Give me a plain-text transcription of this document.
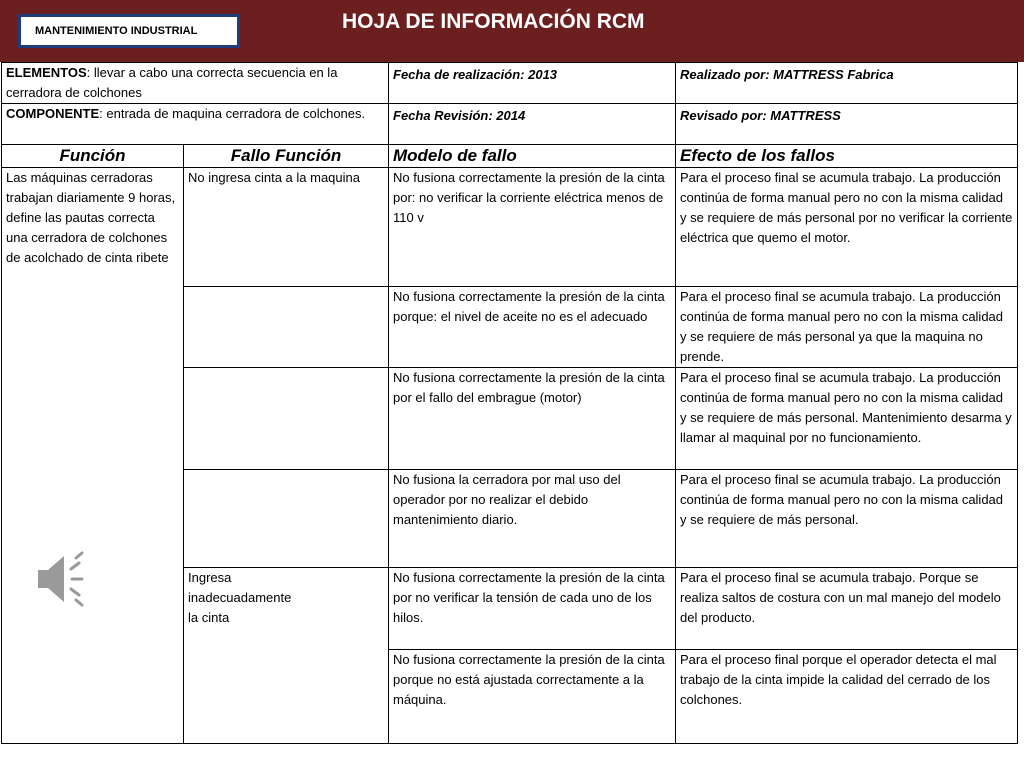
MANTENIMIENTO INDUSTRIAL	HOJA DE INFORMACIÓN RCM
ELEMENTOS: llevar a cabo una correcta secuencia en la cerradora de colchones		Fecha de realización: 2013	Realizado por: MATTRESS Fabrica
COMPONENTE: entrada de maquina cerradora de colchones.		Fecha Revisión: 2014	Revisado por: MATTRESS
Función	Fallo Función	Modelo de fallo	Efecto de los fallos
Las máquinas cerradoras trabajan diariamente 9 horas, define las pautas correcta una cerradora de colchones de acolchado de cinta ribete	No ingresa cinta a la maquina	No fusiona correctamente la presión de la cinta por: no verificar la corriente eléctrica menos de 110 v	Para el proceso final se acumula trabajo. La producción continúa de forma manual pero no con la misma calidad y se requiere de más personal por no verificar la corriente eléctrica que quemo el motor.
		No fusiona correctamente la presión de la cinta porque: el nivel de aceite no es el adecuado	Para el proceso final se acumula trabajo. La producción continúa de forma manual pero no con la misma calidad y se requiere de más personal ya que la maquina no prende.
		No fusiona correctamente la presión de la cinta por el fallo del embrague (motor)	Para el proceso final se acumula trabajo. La producción continúa de forma manual pero no con la misma calidad y se requiere de más personal. Mantenimiento desarma y llamar al maquinal por no funcionamiento.
		No fusiona la cerradora por mal uso del operador por no realizar el debido mantenimiento diario.	Para el proceso final se acumula trabajo. La producción continúa de forma manual pero no con la misma calidad y se requiere de más personal.
	Ingresa
inadecuadamente
la cinta	No fusiona correctamente la presión de la cinta por no verificar la tensión de cada uno de los hilos.	Para el proceso final se acumula trabajo. Porque se realiza saltos de costura con un mal manejo del modelo del producto.
		No fusiona correctamente la presión de la cinta porque no está ajustada correctamente a la máquina.	Para el proceso final porque el operador detecta el mal trabajo de la cinta impide la calidad del cerrado de los colchones.
